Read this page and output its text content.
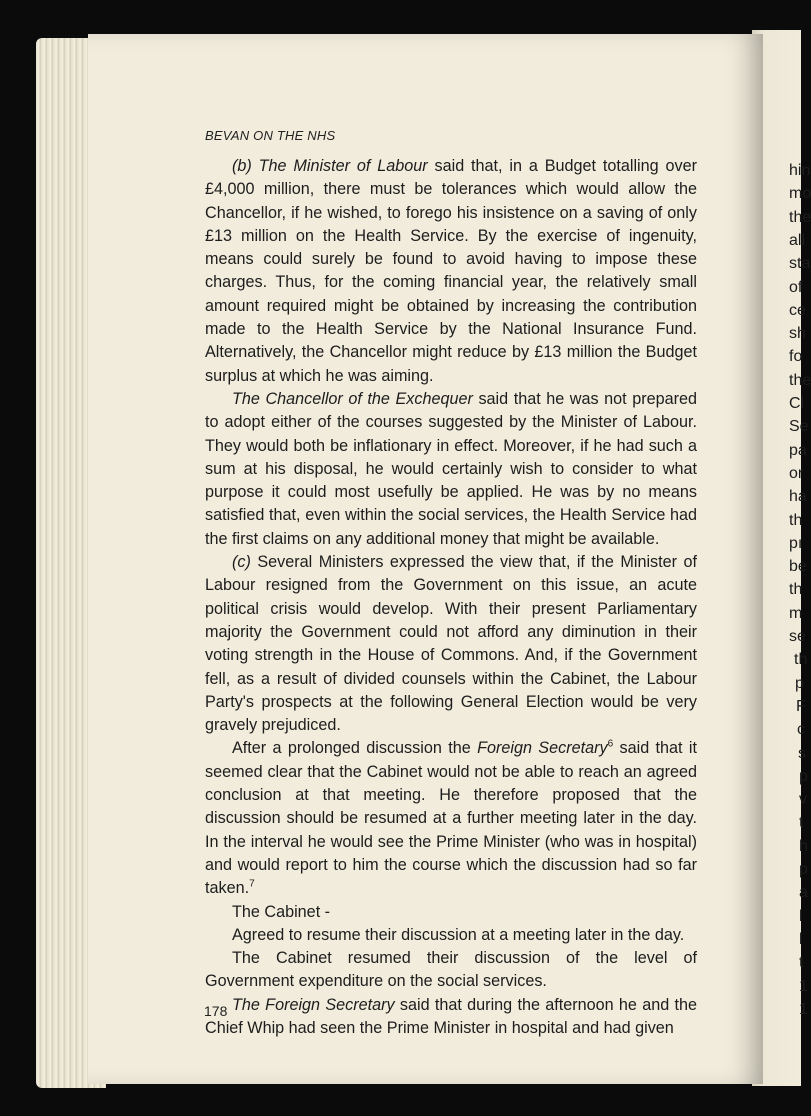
hin
mo
the
all
sta
of
ce
sh
fo
the
Cl
Se
pa
or
ha
th
pı
be
th
m
se
th
p
F
c
s
p
v
t
h
p
a
l
l
t
1
1
BEVAN ON THE NHS

(b) The Minister of Labour said that, in a Budget totalling over £4,000 million, there must be tolerances which would allow the Chancellor, if he wished, to forego his insistence on a saving of only £13 million on the Health Service. By the exercise of ingenuity, means could surely be found to avoid having to impose these charges. Thus, for the coming financial year, the relatively small amount required might be obtained by increasing the contribution made to the Health Service by the National Insurance Fund. Alternatively, the Chancellor might reduce by £13 million the Budget surplus at which he was aiming.

The Chancellor of the Exchequer said that he was not prepared to adopt either of the courses suggested by the Minister of Labour. They would both be inflationary in effect. Moreover, if he had such a sum at his disposal, he would certainly wish to consider to what purpose it could most usefully be applied. He was by no means satisfied that, even within the social services, the Health Service had the first claims on any additional money that might be available.

(c) Several Ministers expressed the view that, if the Minister of Labour resigned from the Government on this issue, an acute political crisis would develop. With their present Parliamentary majority the Government could not afford any diminution in their voting strength in the House of Commons. And, if the Government fell, as a result of divided counsels within the Cabinet, the Labour Party's prospects at the following General Election would be very gravely prejudiced.

After a prolonged discussion the Foreign Secretary$^6$ said that it seemed clear that the Cabinet would not be able to reach an agreed conclusion at that meeting. He therefore proposed that the discussion should be resumed at a further meeting later in the day. In the interval he would see the Prime Minister (who was in hospital) and would report to him the course which the discussion had so far taken.$^7$

The Cabinet -

Agreed to resume their discussion at a meeting later in the day.

The Cabinet resumed their discussion of the level of Government expenditure on the social services.

The Foreign Secretary said that during the afternoon he and the Chief Whip had seen the Prime Minister in hospital and had given

178
